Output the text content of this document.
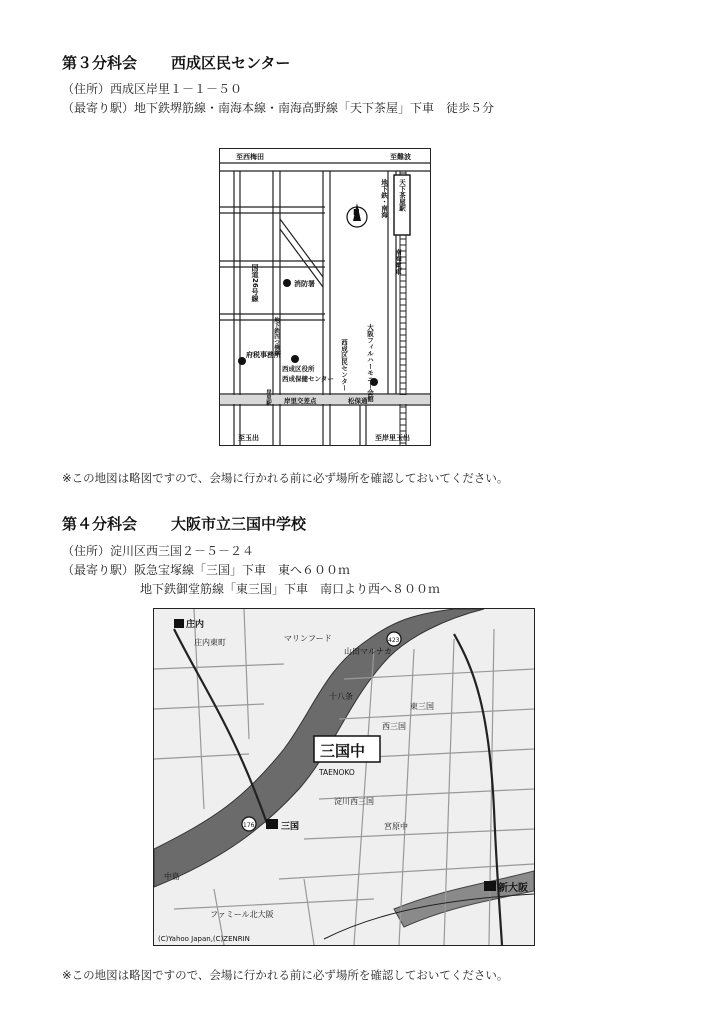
第３分科会 西成区民センター
（住所）西成区岸里１－１－５０
（最寄り駅）地下鉄堺筋線・南海本線・南海高野線「天下茶屋」下車　徒歩５分
N
至西梅田	至難波
天下茶屋駅
地下鉄・南海
南海電車
国道26号線	消防署
地下鉄四つ橋線
府税事務所
西成区役所
西成保健センター
岸里駅 岸里交差点	松保通
大阪フィルハーモニー会館
西成区民センター
至玉出	至岸里玉出
※この地図は略図ですので、会場に行かれる前に必ず場所を確認しておいてください。
第４分科会 大阪市立三国中学校
（住所）淀川区西三国２－５－２４
（最寄り駅）阪急宝塚線「三国」下車　東へ６００ｍ
地下鉄御堂筋線「東三国」下車　南口より西へ８００ｍ
庄内
庄内東町	マリンフード
山田マルナカ
十八条
三国中
TAENOKO
三国
西三国
淀川西三国
東三国
新大阪
宮原中
176
423
ファミール北大阪
中島
(C)Yahoo Japan,(C)ZENRIN
※この地図は略図ですので、会場に行かれる前に必ず場所を確認しておいてください。
